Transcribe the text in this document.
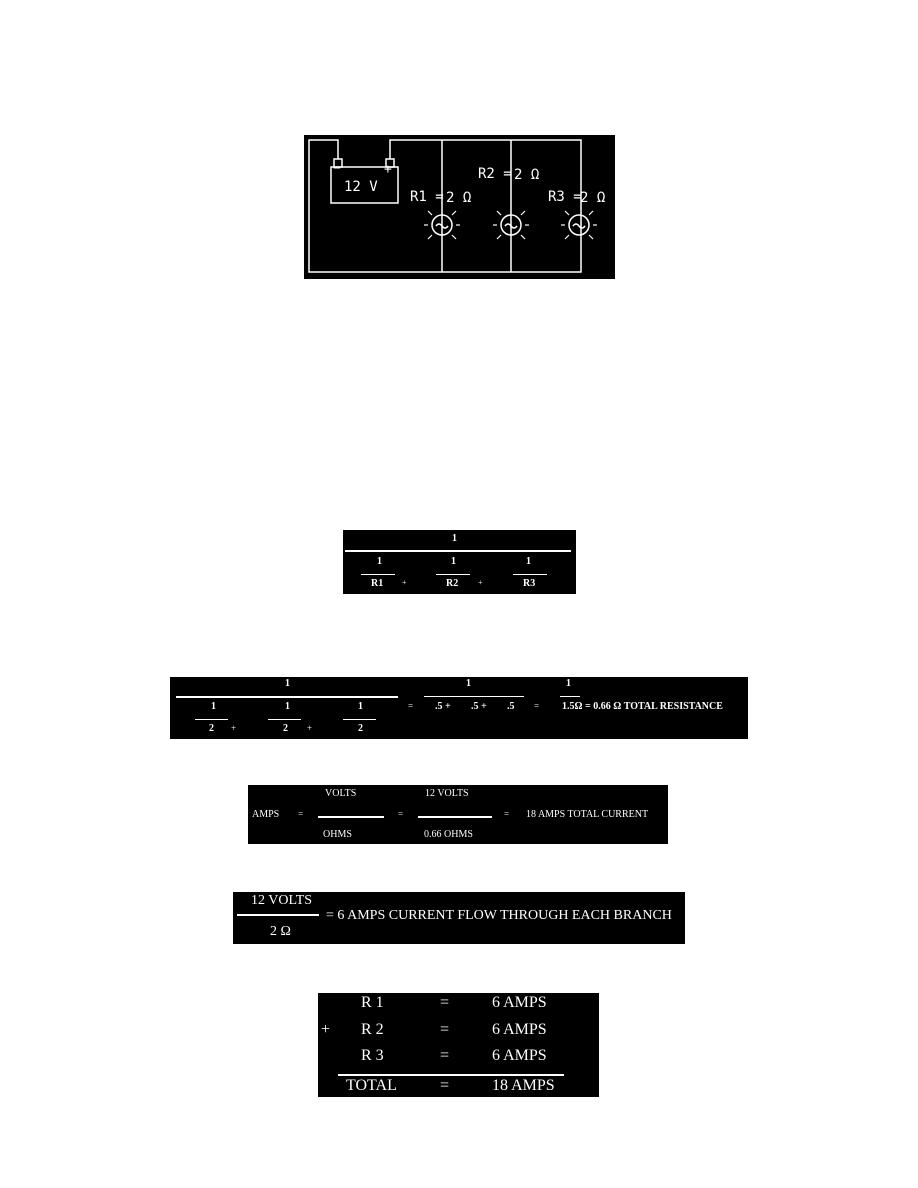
−	+
12 V
R1 = 2 Ω
R2 = 2 Ω
R3 =
2 Ω
1
1	1	1
R1 +	R2 +	R3
1
1	1	1
2 +	2 +	2
=
1
.5 + .5 + .5 =
1
1.5Ω = 0.66 Ω TOTAL RESISTANCE
AMPS =
VOLTS
OHMS
=
12 VOLTS
0.66 OHMS
= 18 AMPS TOTAL CURRENT
12 VOLTS
2 Ω
= 6 AMPS CURRENT FLOW THROUGH EACH BRANCH
+
R 1	=	6 AMPS
R 2	=	6 AMPS
R 3	=	6 AMPS
TOTAL	=	18 AMPS
